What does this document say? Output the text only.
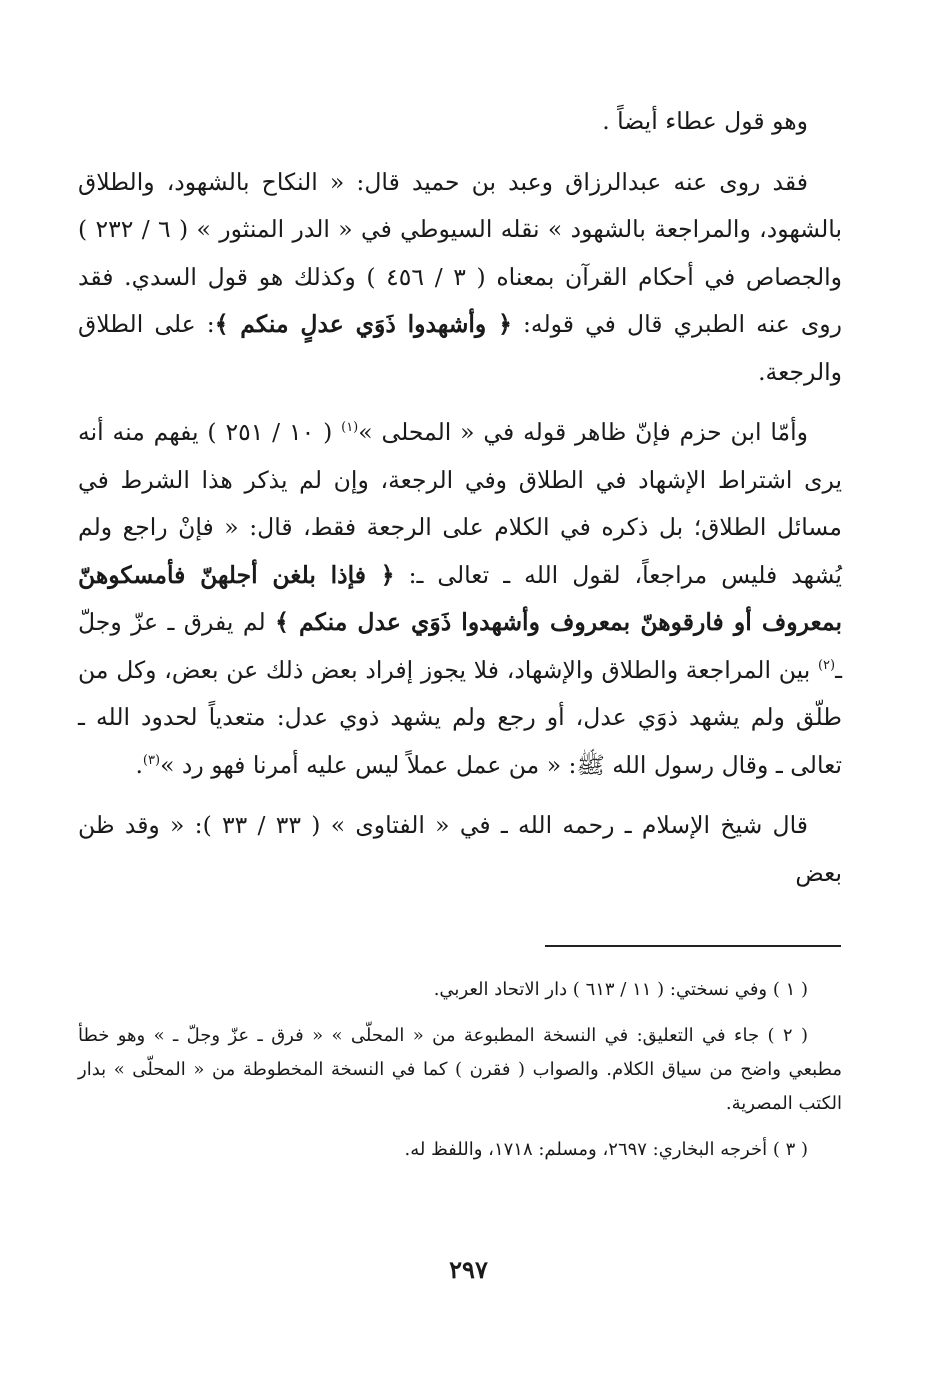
وهو قول عطاء أيضاً .

فقد روى عنه عبدالرزاق وعبد بن حميد قال: « النكاح بالشهود، والطلاق بالشهود، والمراجعة بالشهود » نقله السيوطي في « الدر المنثور » ( ٦ / ٢٣٢ ) والجصاص في أحكام القرآن بمعناه ( ٣ / ٤٥٦ ) وكذلك هو قول السدي. فقد روى عنه الطبري قال في قوله: ﴿ وأشهدوا ذَوَي عدلٍ منكم ﴾: على الطلاق والرجعة.

وأمّا ابن حزم فإنّ ظاهر قوله في « المحلى »$^{(١)}$ ( ١٠ / ٢٥١ ) يفهم منه أنه يرى اشتراط الإشهاد في الطلاق وفي الرجعة، وإن لم يذكر هذا الشرط في مسائل الطلاق؛ بل ذكره في الكلام على الرجعة فقط، قال: « فإنْ راجع ولم يُشهد فليس مراجعاً، لقول الله ـ تعالى ـ: ﴿ فإذا بلغن أجلهنّ فأمسكوهنّ بمعروف أو فارقوهنّ بمعروف وأشهدوا ذَوَي عدل منكم ﴾ لم يفرق ـ عزّ وجلّ ـ$^{(٢)}$ بين المراجعة والطلاق والإشهاد، فلا يجوز إفراد بعض ذلك عن بعض، وكل من طلّق ولم يشهد ذوَي عدل، أو رجع ولم يشهد ذوي عدل: متعدياً لحدود الله ـ تعالى ـ وقال رسول الله ﷺ: « من عمل عملاً ليس عليه أمرنا فهو رد »$^{(٣)}$.

قال شيخ الإسلام ـ رحمه الله ـ في « الفتاوى » ( ٣٣ / ٣٣ ): « وقد ظن بعض

( ١ ) وفي نسختي: ( ١١ / ٦١٣ ) دار الاتحاد العربي.

( ٢ ) جاء في التعليق: في النسخة المطبوعة من « المحلّى » « فرق ـ عزّ وجلّ ـ » وهو خطأ مطبعي واضح من سياق الكلام. والصواب ( فقرن ) كما في النسخة المخطوطة من « المحلّى » بدار الكتب المصرية.

( ٣ ) أخرجه البخاري: ٢٦٩٧، ومسلم: ١٧١٨، واللفظ له.

٢٩٧
